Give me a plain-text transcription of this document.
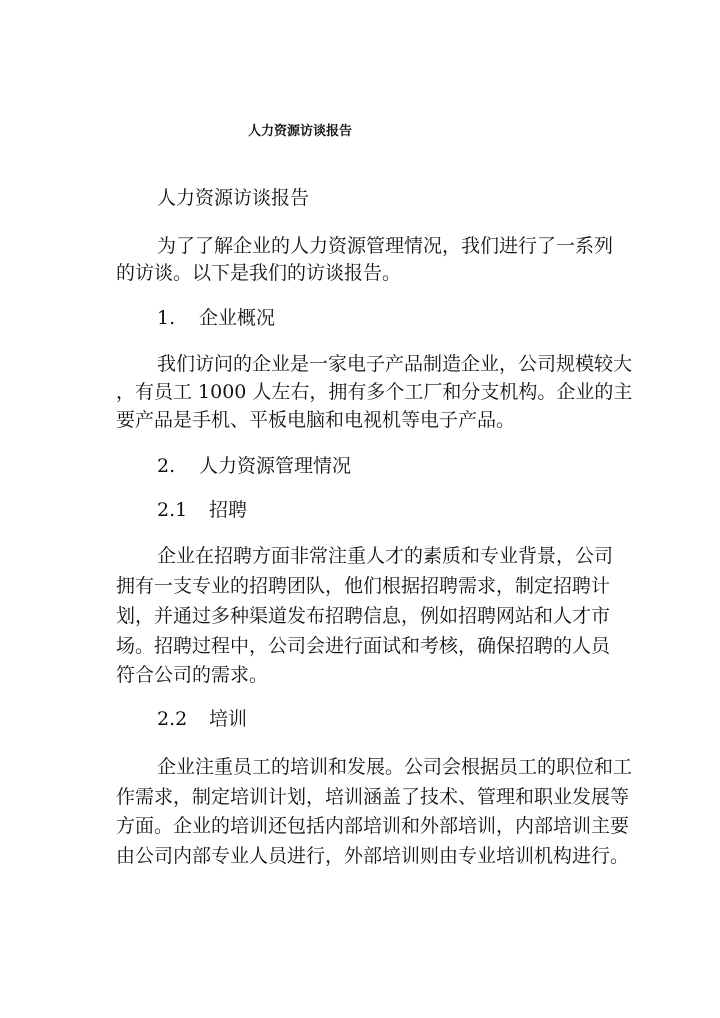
人力资源访谈报告
人力资源访谈报告
为了了解企业的人力资源管理情况，我们进行了一系列
的访谈。以下是我们的访谈报告。
1. 企业概况
我们访问的企业是一家电子产品制造企业，公司规模较大
，有员工 1000 人左右，拥有多个工厂和分支机构。企业的主
要产品是手机、平板电脑和电视机等电子产品。
2. 人力资源管理情况
2.1 招聘
企业在招聘方面非常注重人才的素质和专业背景，公司
拥有一支专业的招聘团队，他们根据招聘需求，制定招聘计
划，并通过多种渠道发布招聘信息，例如招聘网站和人才市
场。招聘过程中，公司会进行面试和考核，确保招聘的人员
符合公司的需求。
2.2 培训
企业注重员工的培训和发展。公司会根据员工的职位和工
作需求，制定培训计划，培训涵盖了技术、管理和职业发展等
方面。企业的培训还包括内部培训和外部培训，内部培训主要
由公司内部专业人员进行，外部培训则由专业培训机构进行。
